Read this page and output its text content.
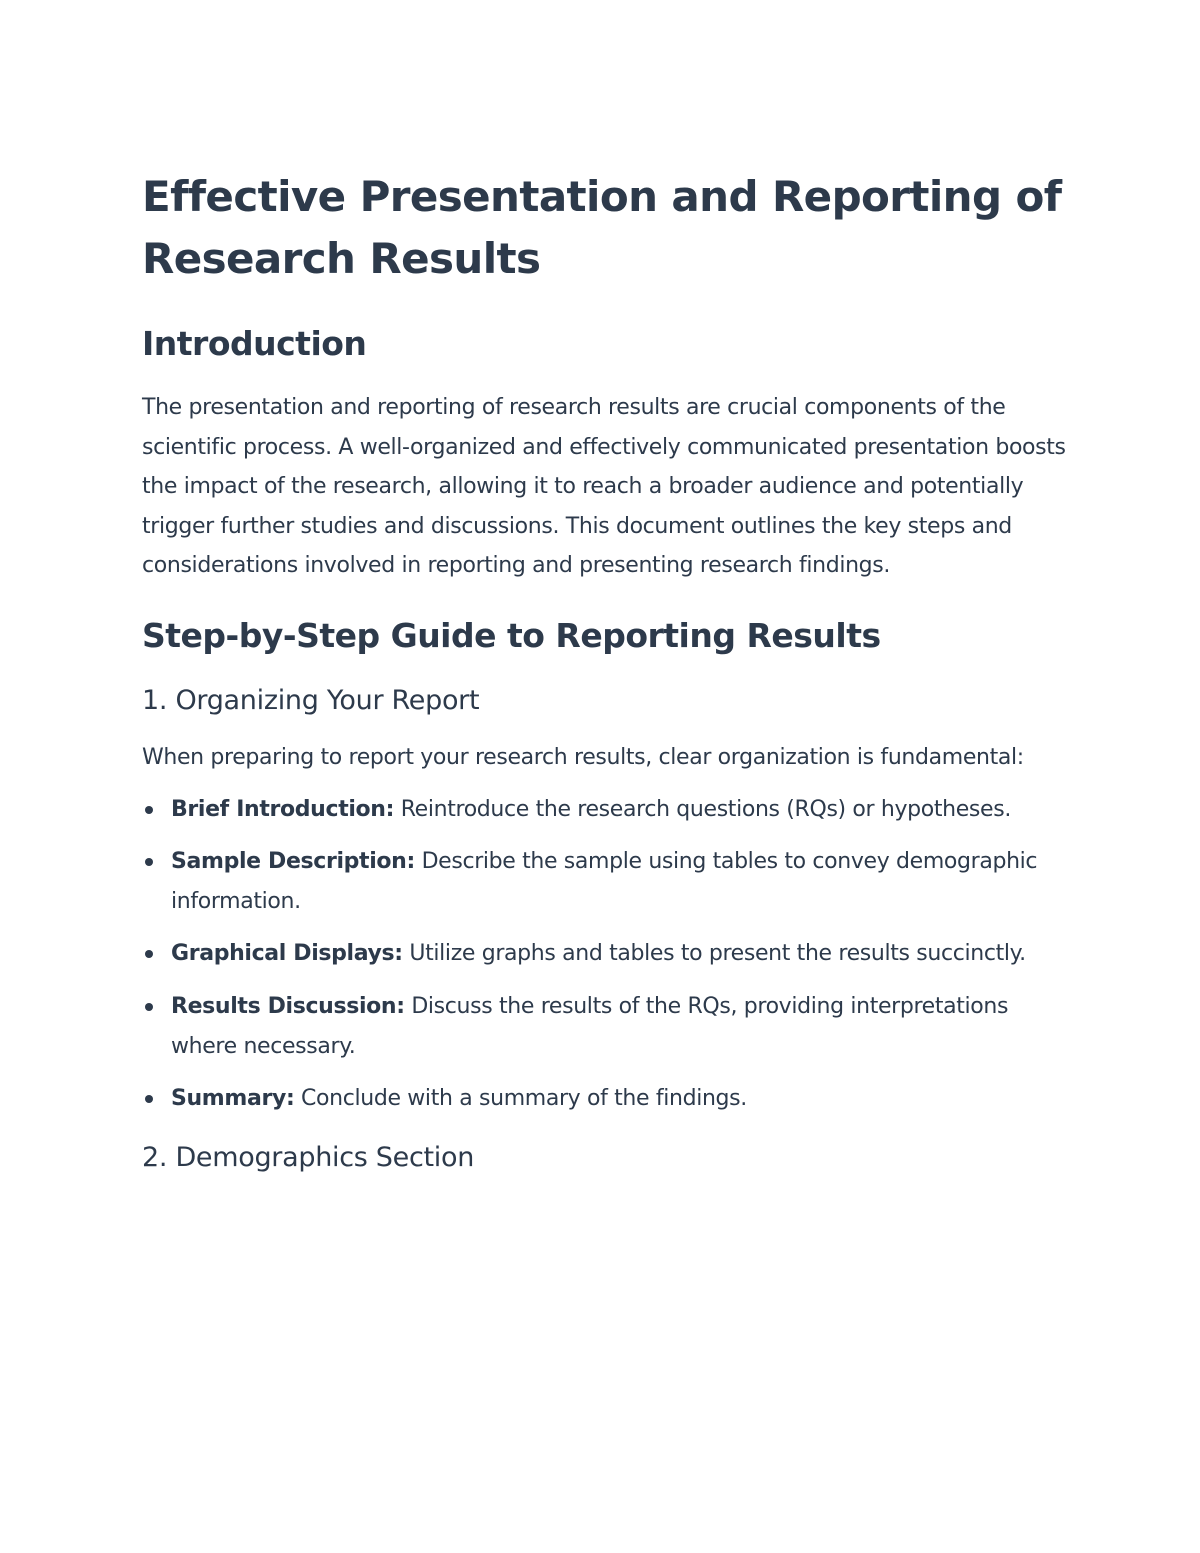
Effective Presentation and Reporting of Research Results
Introduction

The presentation and reporting of research results are crucial components of the scientific process. A well-organized and effectively communicated presentation boosts the impact of the research, allowing it to reach a broader audience and potentially trigger further studies and discussions. This document outlines the key steps and considerations involved in reporting and presenting research findings.

Step-by-Step Guide to Reporting Results
1. Organizing Your Report

When preparing to report your research results, clear organization is fundamental:

Brief Introduction: Reintroduce the research questions (RQs) or hypotheses.
Sample Description: Describe the sample using tables to convey demographic information.
Graphical Displays: Utilize graphs and tables to present the results succinctly.
Results Discussion: Discuss the results of the RQs, providing interpretations where necessary.
Summary: Conclude with a summary of the findings.
2. Demographics Section
